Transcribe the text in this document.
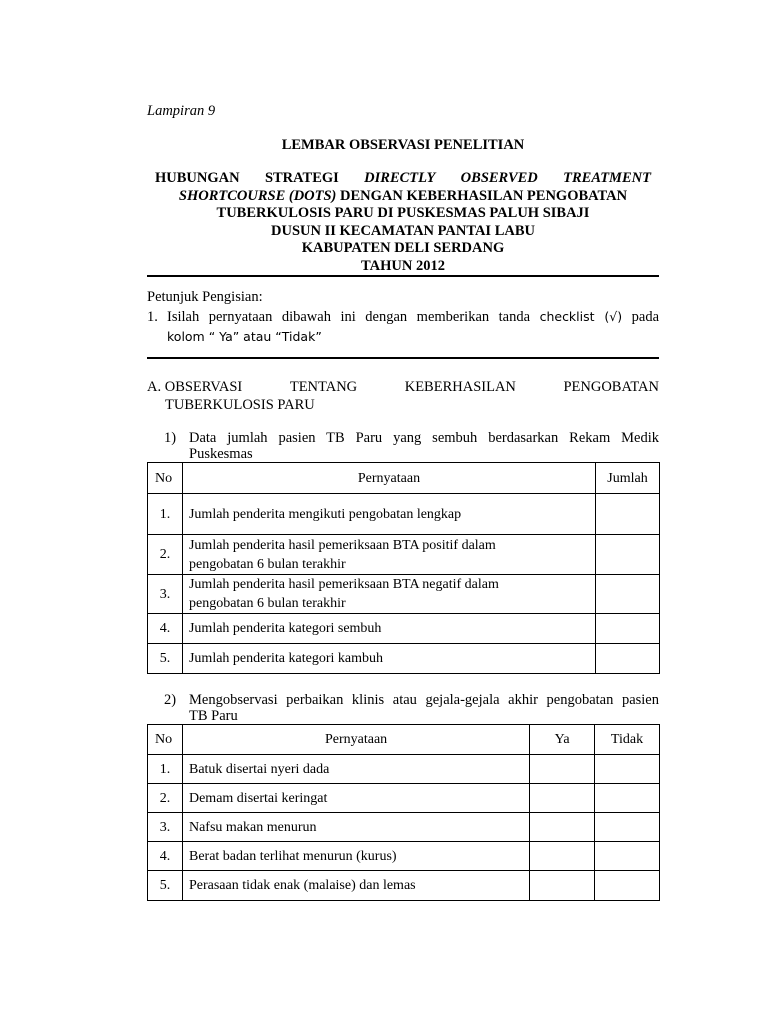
Lampiran 9
LEMBAR OBSERVASI PENELITIAN
HUBUNGAN STRATEGI DIRECTLY OBSERVED TREATMENT
SHORTCOURSE (DOTS) DENGAN KEBERHASILAN PENGOBATAN
TUBERKULOSIS PARU DI PUSKESMAS PALUH SIBAJI
DUSUN II KECAMATAN PANTAI LABU
KABUPATEN DELI SERDANG
TAHUN 2012
Petunjuk Pengisian:
1. Isilah pernyataan dibawah ini dengan memberikan tanda checklist (√) pada
kolom “ Ya” atau “Tidak”
A. OBSERVASI	TENTANG	KEBERHASILAN	PENGOBATAN
TUBERKULOSIS PARU
1) Data jumlah pasien TB Paru yang sembuh berdasarkan Rekam Medik
Puskesmas
No	Pernyataan	Jumlah
1.	Jumlah penderita mengikuti pengobatan lengkap	
2.	Jumlah penderita hasil pemeriksaan BTA positif dalam
pengobatan 6 bulan terakhir	

3.	Jumlah penderita hasil pemeriksaan BTA negatif dalam
pengobatan 6 bulan terakhir	

4.	Jumlah penderita kategori sembuh	
5.	Jumlah penderita kategori kambuh	
2) Mengobservasi perbaikan klinis atau gejala-gejala akhir pengobatan pasien
TB Paru
No	Pernyataan	Ya	Tidak
1.	Batuk disertai nyeri dada		
2.	Demam disertai keringat		
3.	Nafsu makan menurun		
4.	Berat badan terlihat menurun (kurus)		
5.	Perasaan tidak enak (malaise) dan lemas		
